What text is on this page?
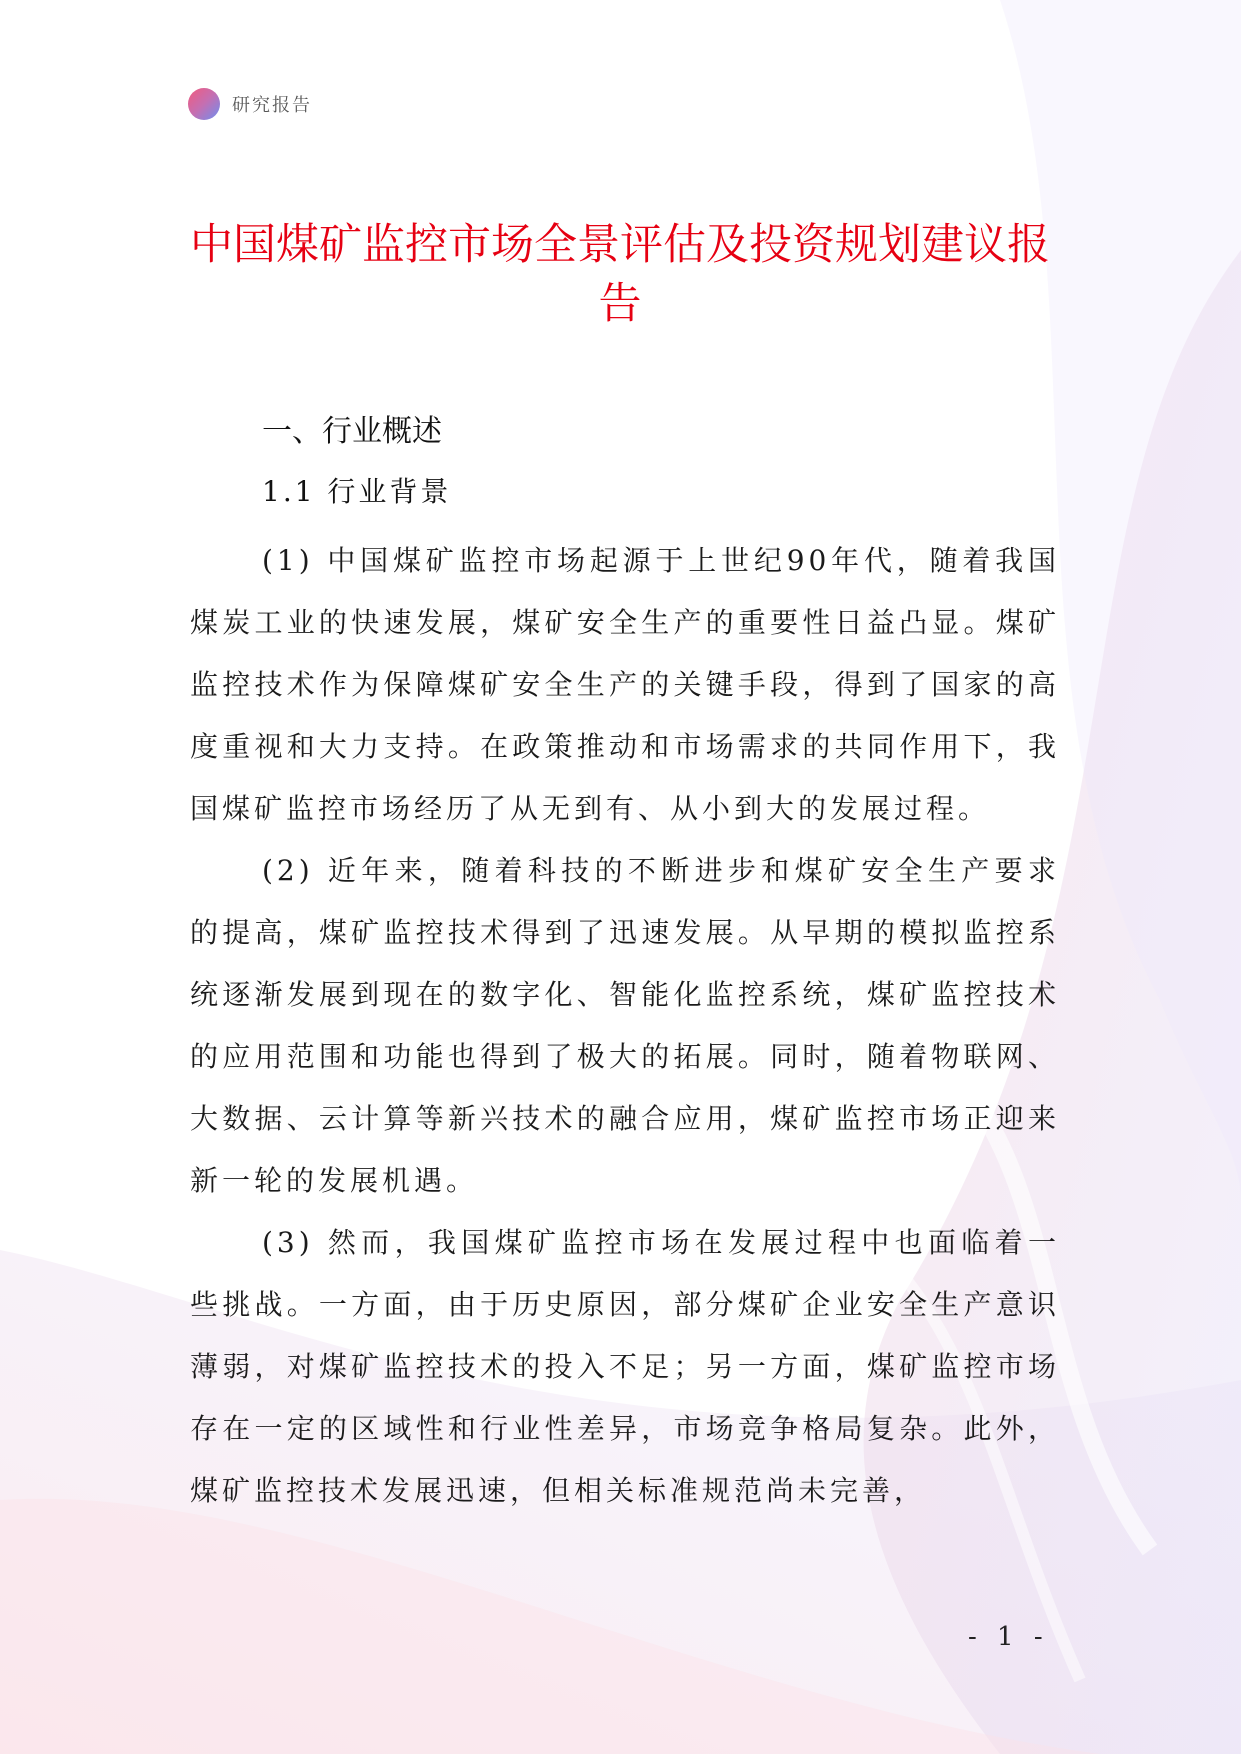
研究报告
中国煤矿监控市场全景评估及投资规划建议报告
一、行业概述
1.1 行业背景

(1) 中国煤矿监控市场起源于上世纪90年代，随着我国煤炭工业的快速发展，煤矿安全生产的重要性日益凸显。煤矿监控技术作为保障煤矿安全生产的关键手段，得到了国家的高度重视和大力支持。在政策推动和市场需求的共同作用下，我国煤矿监控市场经历了从无到有、从小到大的发展过程。

(2) 近年来，随着科技的不断进步和煤矿安全生产要求的提高，煤矿监控技术得到了迅速发展。从早期的模拟监控系统逐渐发展到现在的数字化、智能化监控系统，煤矿监控技术的应用范围和功能也得到了极大的拓展。同时，随着物联网、大数据、云计算等新兴技术的融合应用，煤矿监控市场正迎来新一轮的发展机遇。

(3) 然而，我国煤矿监控市场在发展过程中也面临着一些挑战。一方面，由于历史原因，部分煤矿企业安全生产意识薄弱，对煤矿监控技术的投入不足；另一方面，煤矿监控市场存在一定的区域性和行业性差异，市场竞争格局复杂。此外，煤矿监控技术发展迅速，但相关标准规范尚未完善，

- 1 -
